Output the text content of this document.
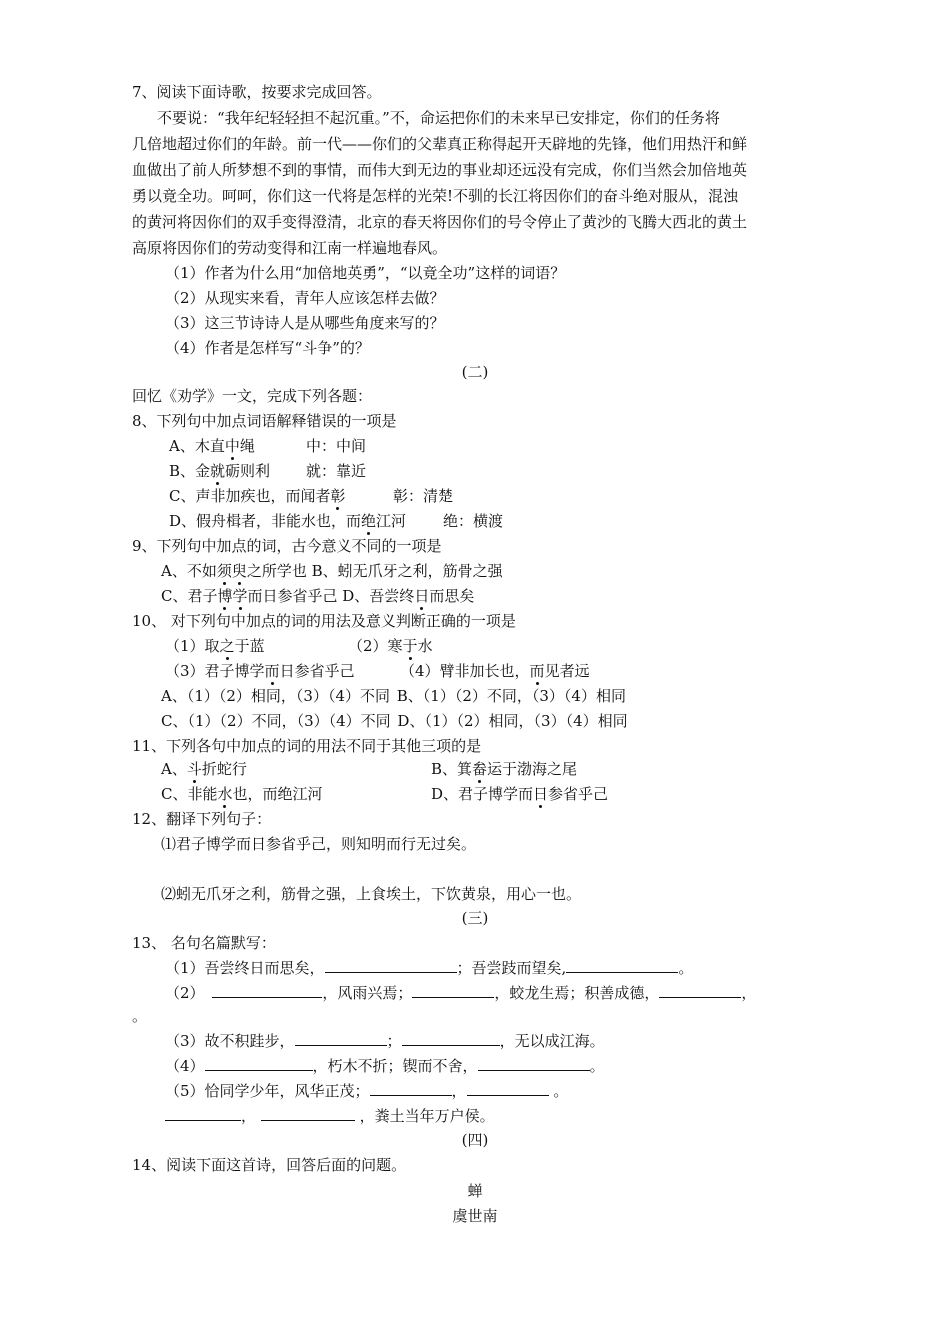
7、阅读下面诗歌，按要求完成回答。
不要说：“我年纪轻轻担不起沉重。”不，命运把你们的未来早已安排定，你们的任务将
几倍地超过你们的年龄。前一代——你们的父辈真正称得起开天辟地的先锋，他们用热汗和鲜
血做出了前人所梦想不到的事情，而伟大到无边的事业却还远没有完成，你们当然会加倍地英
勇以竟全功。呵呵，你们这一代将是怎样的光荣!不驯的长江将因你们的奋斗绝对服从，混浊
的黄河将因你们的双手变得澄清，北京的春天将因你们的号令停止了黄沙的飞腾大西北的黄土
高原将因你们的劳动变得和江南一样遍地春风。
（1）作者为什么用“加倍地英勇”，“以竟全功”这样的词语？
（2）从现实来看，青年人应该怎样去做？
（3）这三节诗诗人是从哪些角度来写的？
（4）作者是怎样写“斗争”的？
(二)
回忆《劝学》一文，完成下列各题：
8、下列句中加点词语解释错误的一项是
A、木直中绳	中：中间
B、金就砺则利 就：靠近
C、声非加疾也，而闻者彰	彰：清楚
D、假舟楫者，非能水也，而绝江河 绝：横渡
9、下列句中加点的词，古今意义不同的一项是
A、不如须臾之所学也 B、蚓无爪牙之利，筋骨之强
C、君子博学而日参省乎己 D、吾尝终日而思矣
10、 对下列句中加点的词的用法及意义判断正确的一项是
（1）取之于蓝	（2）寒于水
（3）君子博学而日参省乎己	（4）臂非加长也，而见者远
A、（1）（2）相同，（3）（4）不同 B、（1）（2）不同，（3）（4）相同
C、（1）（2）不同，（3）（4）不同 D、（1）（2）相同，（3）（4）相同
11、下列各句中加点的词的用法不同于其他三项的是
A、斗折蛇行	B、箕畚运于渤海之尾
C、非能水也，而绝江河	D、君子博学而日参省乎己
12、翻译下列句子：
⑴君子博学而日参省乎己，则知明而行无过矣。
⑵蚓无爪牙之利，筋骨之强，上食埃土，下饮黄泉，用心一也。
(三)
13、 名句名篇默写：
（1）吾尝终日而思矣，	；吾尝跂而望矣,	。
（2）	，风雨兴焉；	，蛟龙生焉；积善成德，	，
。
（3）故不积跬步，	；	，无以成江海。
（4）	，朽木不折；锲而不舍，	。
（5）恰同学少年，风华正茂；	，	。
，	，粪土当年万户侯。
(四)
14、阅读下面这首诗，回答后面的问题。
蝉
虞世南
